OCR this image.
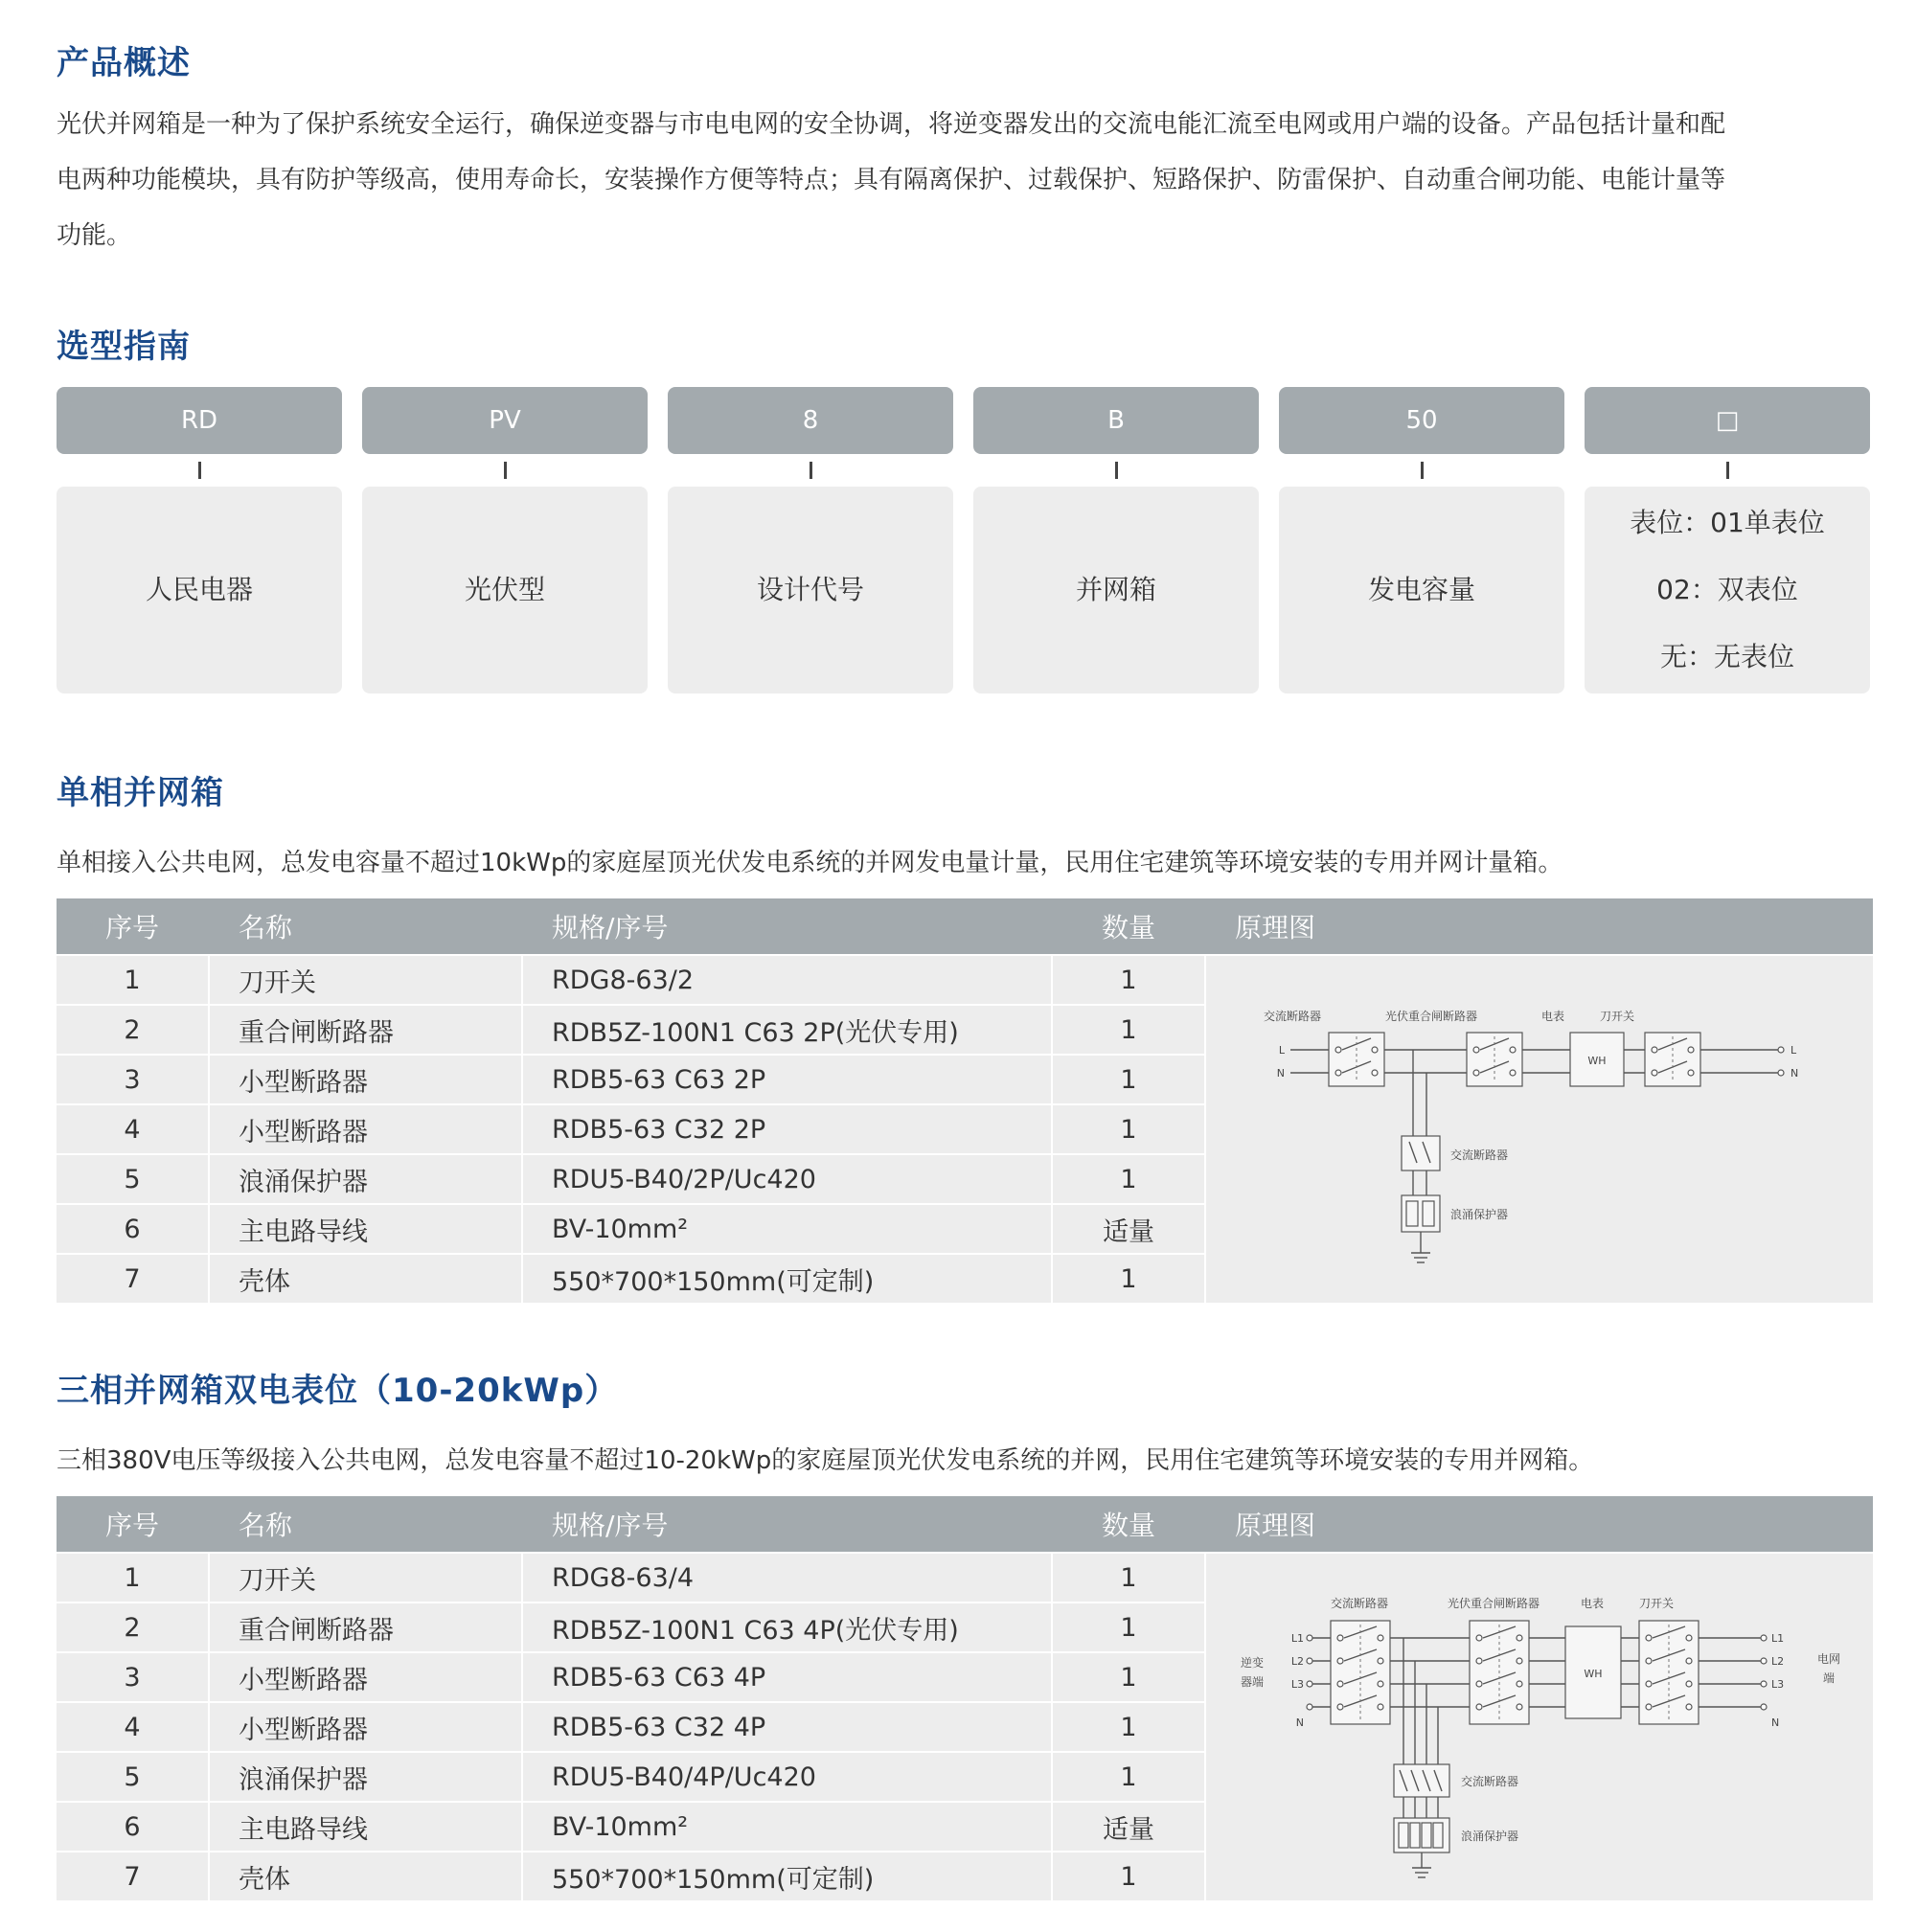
产品概述

光伏并网箱是一种为了保护系统安全运行，确保逆变器与市电电网的安全协调，将逆变器发出的交流电能汇流至电网或用户端的设备。产品包括计量和配

电两种功能模块，具有防护等级高，使用寿命长，安装操作方便等特点；具有隔离保护、过载保护、短路保护、防雷保护、自动重合闸功能、电能计量等

功能。

选型指南
RD
人民电器
PV
光伏型
8
设计代号
B
并网箱
50
发电容量
□
表位：01单表位
02：双表位
无：无表位
单相并网箱

单相接入公共电网，总发电容量不超过10kWp的家庭屋顶光伏发电系统的并网发电量计量，民用住宅建筑等环境安装的专用并网计量箱。

序号	名称	规格/序号	数量	原理图
1	刀开关	RDG8-63/2	1
2	重合闸断路器	RDB5Z-100N1 C63 2P(光伏专用)	1
3	小型断路器	RDB5-63 C63 2P	1
4	小型断路器	RDB5-63 C32 2P	1
5	浪涌保护器	RDU5-B40/2P/Uc420	1
6	主电路导线	BV-10mm²	适量
7	壳体	550*700*150mm(可定制)	1
交流断路器	光伏重合闸断路器	电表	刀开关
L
N
L
N
WH
交流断路器
浪涌保护器
三相并网箱双电表位（10-20kWp）

三相380V电压等级接入公共电网，总发电容量不超过10-20kWp的家庭屋顶光伏发电系统的并网，民用住宅建筑等环境安装的专用并网箱。

序号	名称	规格/序号	数量	原理图
1	刀开关	RDG8-63/4	1
2	重合闸断路器	RDB5Z-100N1 C63 4P(光伏专用)	1
3	小型断路器	RDB5-63 C63 4P	1
4	小型断路器	RDB5-63 C32 4P	1
5	浪涌保护器	RDU5-B40/4P/Uc420	1
6	主电路导线	BV-10mm²	适量
7	壳体	550*700*150mm(可定制)	1
交流断路器	光伏重合闸断路器	电表	刀开关
逆变
器端
电网
端
L1	L1
L2	L2
L3	L3
N	N
WH
交流断路器
浪涌保护器
